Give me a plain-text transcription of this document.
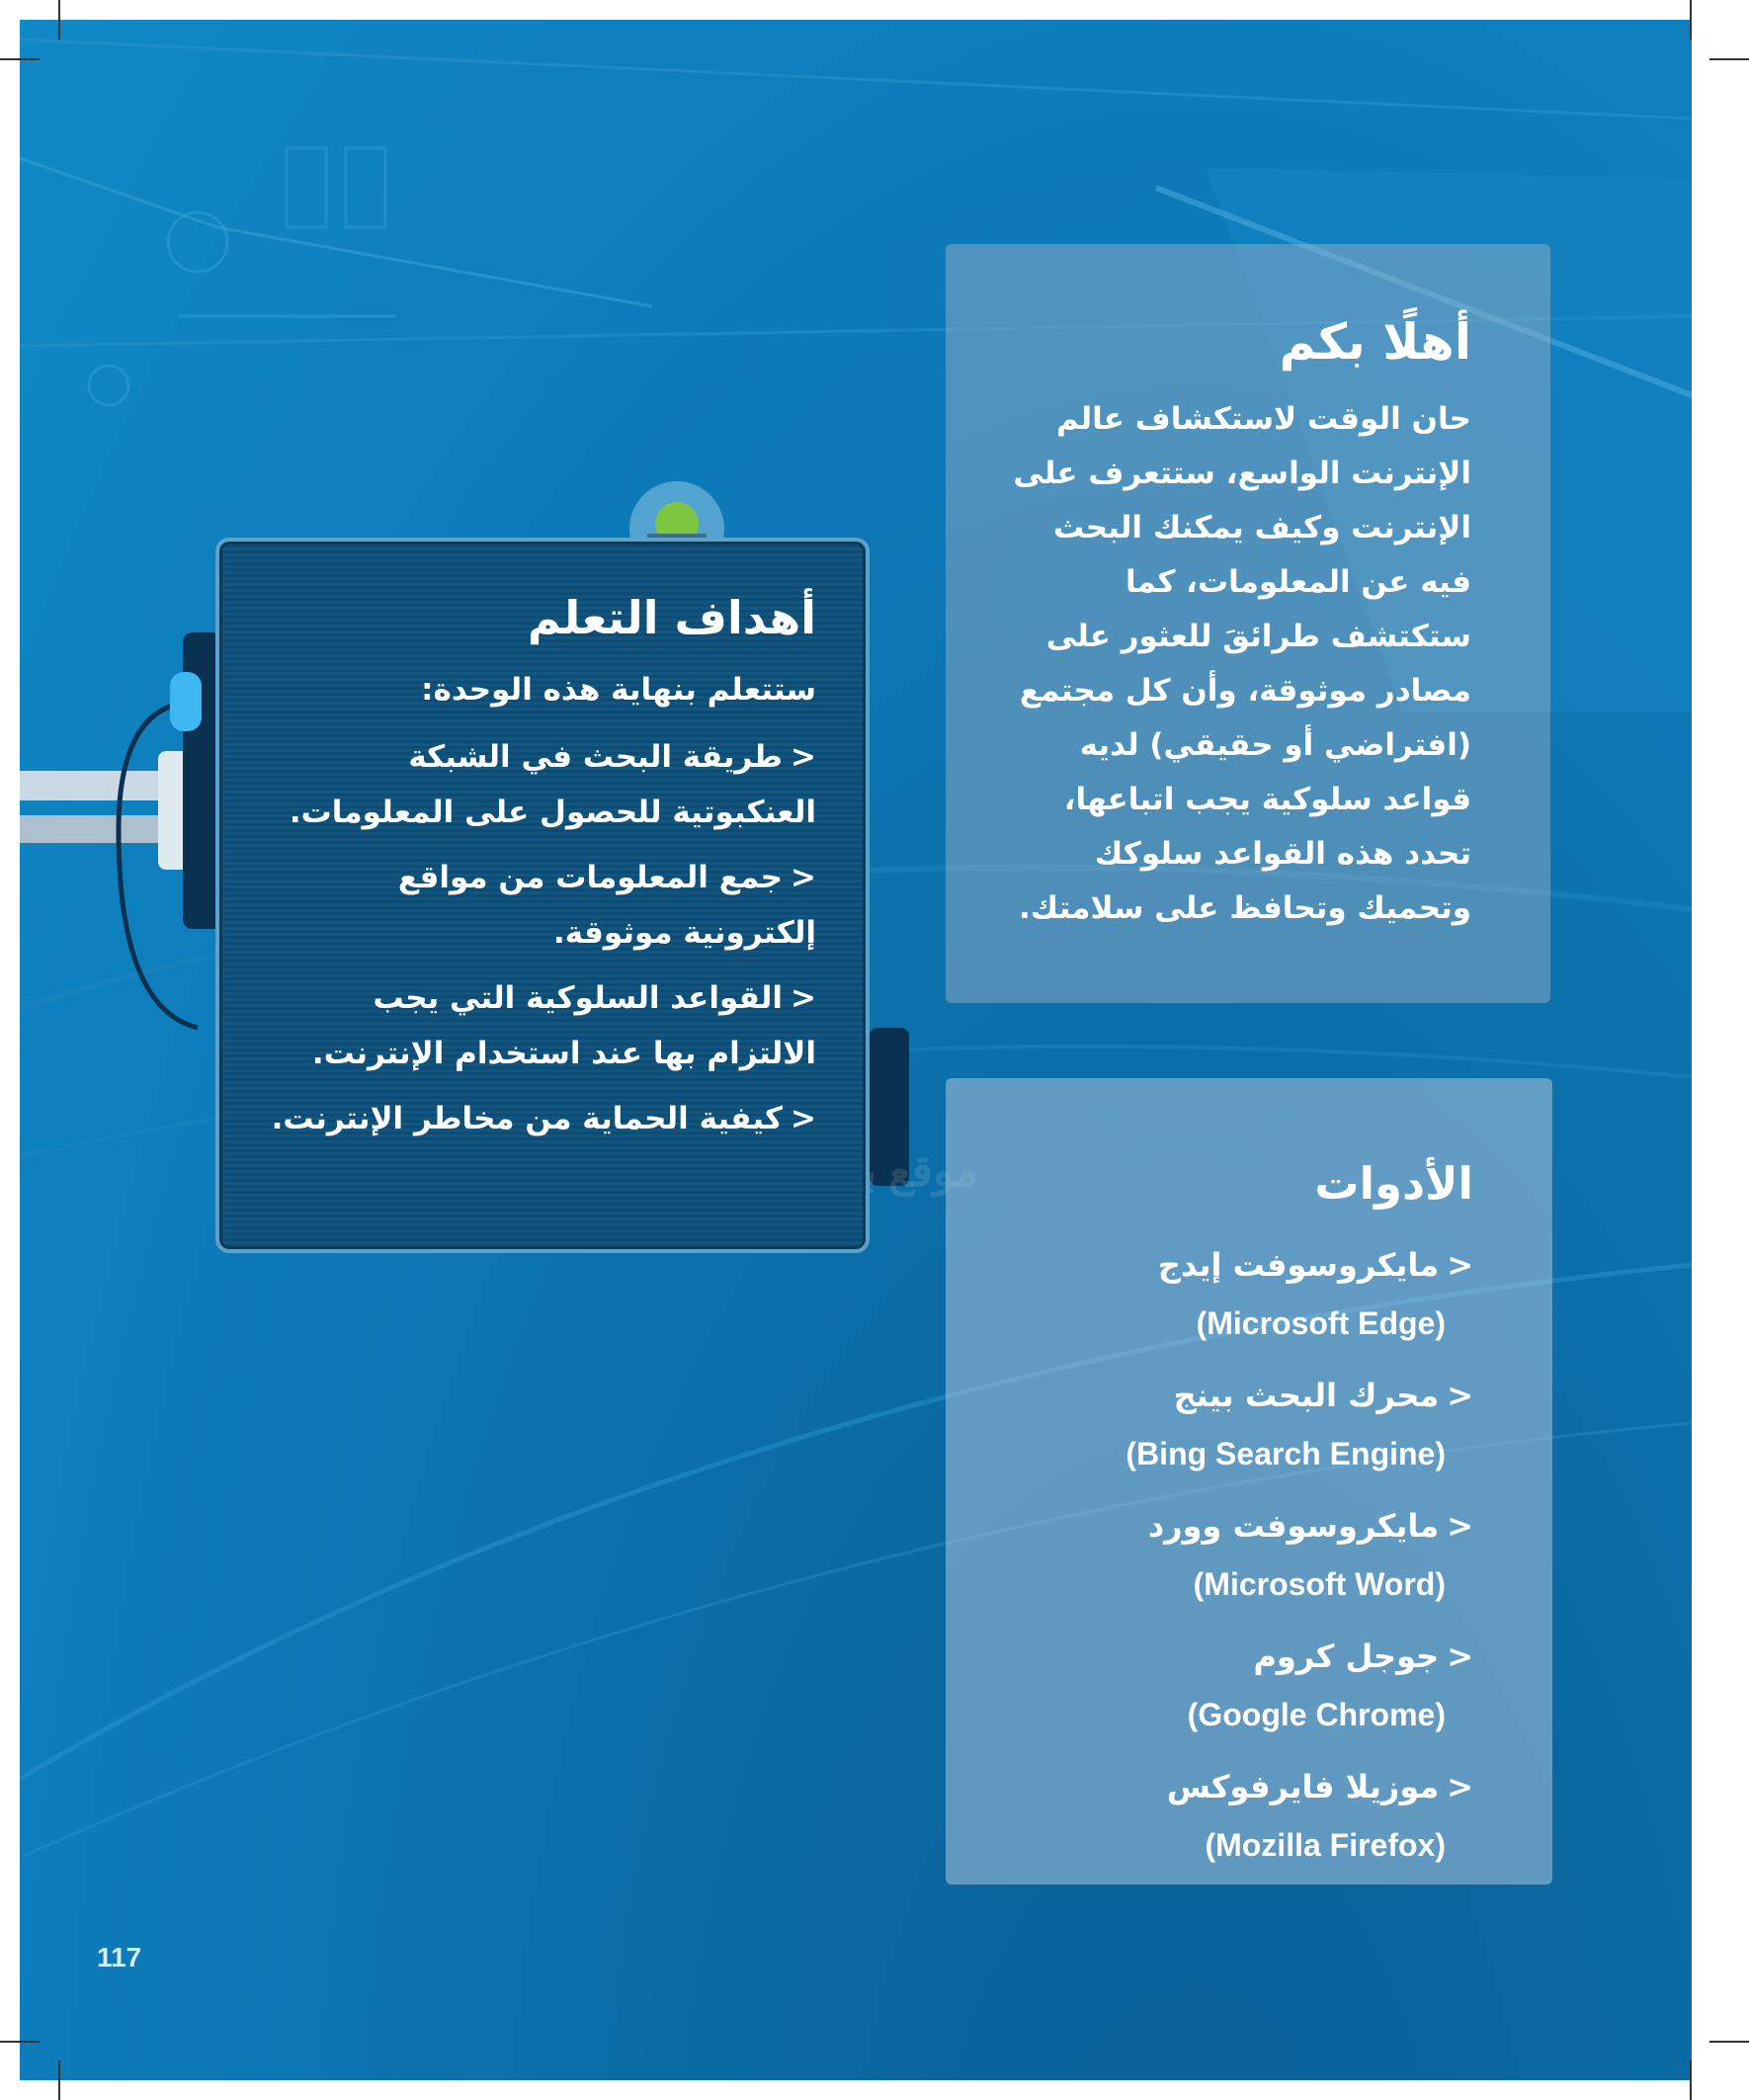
موقع
أهلًا بكم

حان الوقت لاستكشاف عالم الإنترنت الواسع، ستتعرف على الإنترنت وكيف يمكنك البحث فيه عن المعلومات، كما ستكتشف طرائقَ للعثور على مصادر موثوقة، وأن كل مجتمع (افتراضي أو حقيقي) لديه قواعد سلوكية يجب اتباعها، تحدد هذه القواعد سلوكك وتحميك وتحافظ على سلامتك.

أهداف التعلم

ستتعلم بنهاية هذه الوحدة:

<طريقة البحث في الشبكة العنكبوتية للحصول على المعلومات.
<جمع المعلومات من مواقع إلكترونية موثوقة.
<القواعد السلوكية التي يجب الالتزام بها عند استخدام الإنترنت.
<كيفية الحماية من مخاطر الإنترنت.
الأدوات
<مايكروسوفت إيدج
(Microsoft Edge)
<محرك البحث بينج
(Bing Search Engine)
<مايكروسوفت وورد
(Microsoft Word)
<جوجل كروم
(Google Chrome)
<موزيلا فايرفوكس
(Mozilla Firefox)
117
